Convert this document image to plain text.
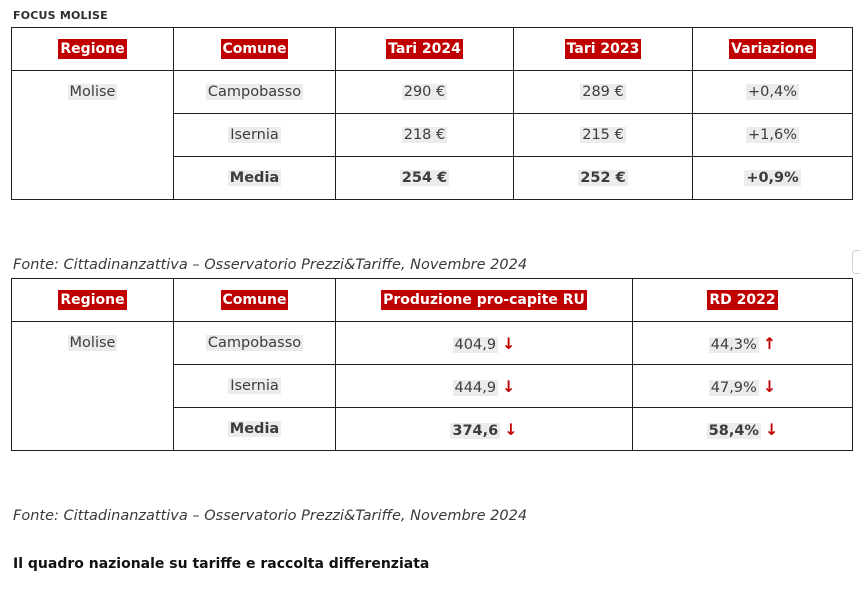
FOCUS MOLISE
Regione	Comune	Tari 2024	Tari 2023	Variazione
Molise	Campobasso	290 €	289 €	+0,4%
	Isernia	218 €	215 €	+1,6%
	Media	254 €	252 €	+0,9%
Fonte: Cittadinanzattiva – Osservatorio Prezzi&Tariffe, Novembre 2024
Regione	Comune	Produzione pro-capite RU	RD 2022
Molise	Campobasso	404,9 ↓	44,3% ↑
	Isernia	444,9 ↓	47,9% ↓
	Media	374,6 ↓	58,4% ↓
Fonte: Cittadinanzattiva – Osservatorio Prezzi&Tariffe, Novembre 2024
Il quadro nazionale su tariffe e raccolta differenziata
